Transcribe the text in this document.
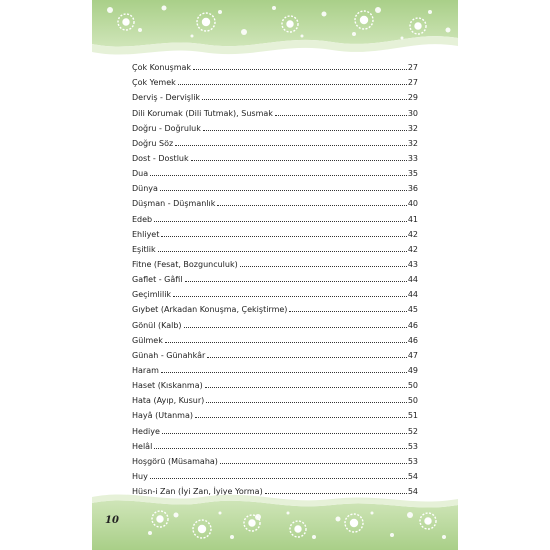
Çok Konuşmak	27
Çok Yemek	27
Derviş - Dervişlik	29
Dili Korumak (Dili Tutmak), Susmak	30
Doğru - Doğruluk	32
Doğru Söz	32
Dost - Dostluk	33
Dua	35
Dünya	36
Düşman - Düşmanlık	40
Edeb	41
Ehliyet	42
Eşitlik	42
Fitne (Fesat, Bozgunculuk)	43
Gaflet - Gâfil	44
Geçimlilik	44
Gıybet (Arkadan Konuşma, Çekiştirme)	45
Gönül (Kalb)	46
Gülmek	46
Günah - Günahkâr	47
Haram	49
Haset (Kıskanma)	50
Hata (Ayıp, Kusur)	50
Hayâ (Utanma)	51
Hediye	52
Helâl	53
Hoşgörü (Müsamaha)	53
Huy	54
Hüsn-i Zan (İyi Zan, İyiye Yorma)	54
10
